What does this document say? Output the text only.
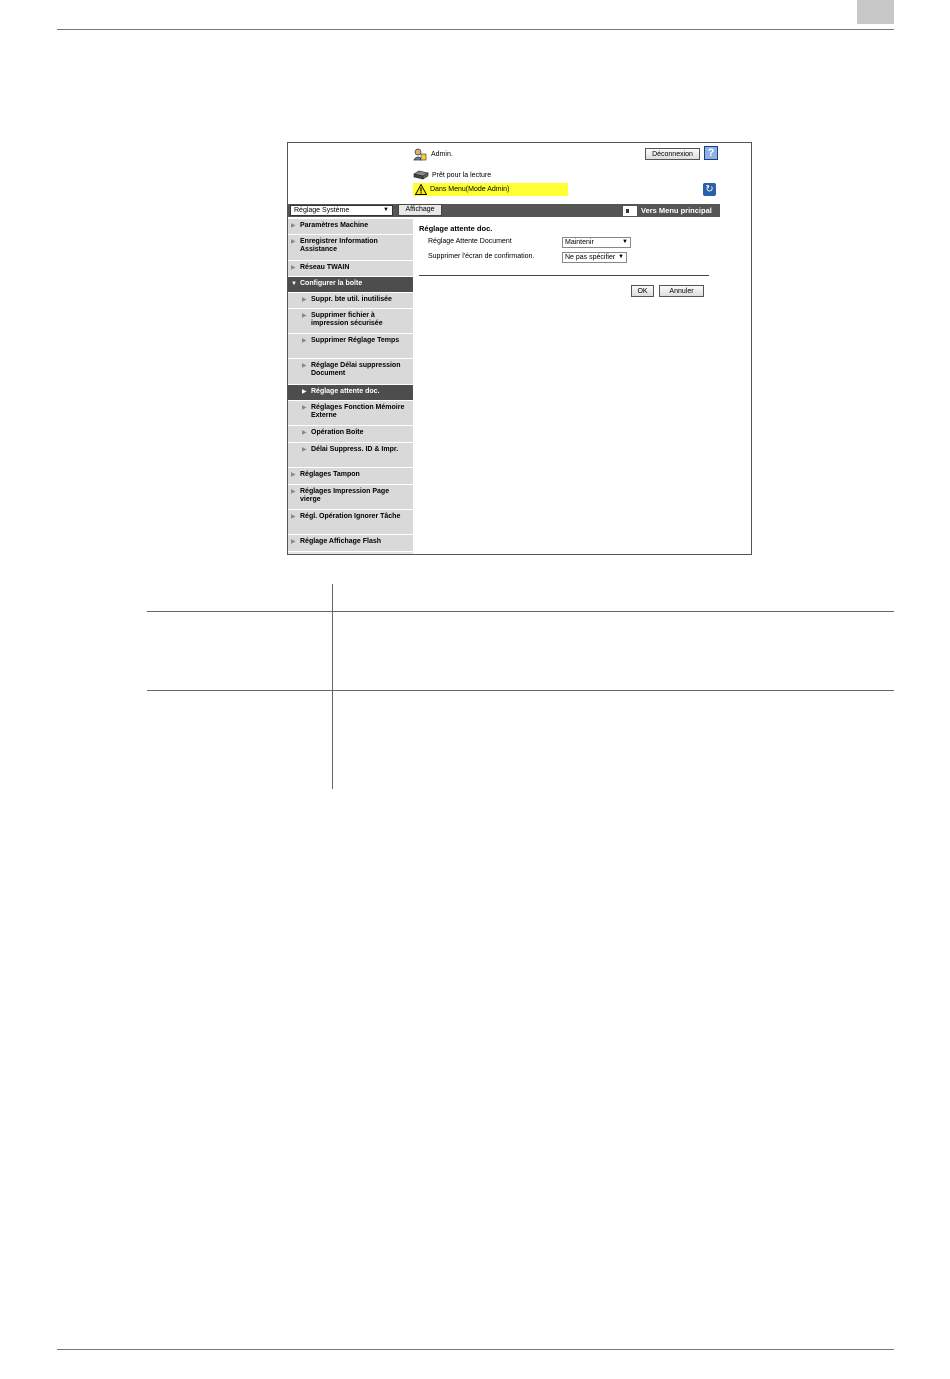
Admin.	Déconnexion	?
Prêt pour la lecture
Dans Menu(Mode Admin)	↻
Réglage Système	▼	Affichage	Vers Menu principal
▶ Paramètres Machine
▶ Enregistrer Information Assistance
▶ Réseau TWAIN
▼ Configurer la boîte
▶ Suppr. bte util. inutilisée
▶ Supprimer fichier à impression sécurisée
▶ Supprimer Réglage Temps
▶ Réglage Délai suppression Document
▶ Réglage attente doc.
▶ Réglages Fonction Mémoire Externe
▶ Opération Boîte
▶ Délai Suppress. ID & Impr.
▶ Réglages Tampon
▶ Réglages Impression Page vierge
▶ Régl. Opération Ignorer Tâche
▶ Réglage Affichage Flash
Réglage attente doc.
Réglage Attente Document	Maintenir	▼
Supprimer l'écran de confirmation.	Ne pas spécifier ▼
OK	Annuler
